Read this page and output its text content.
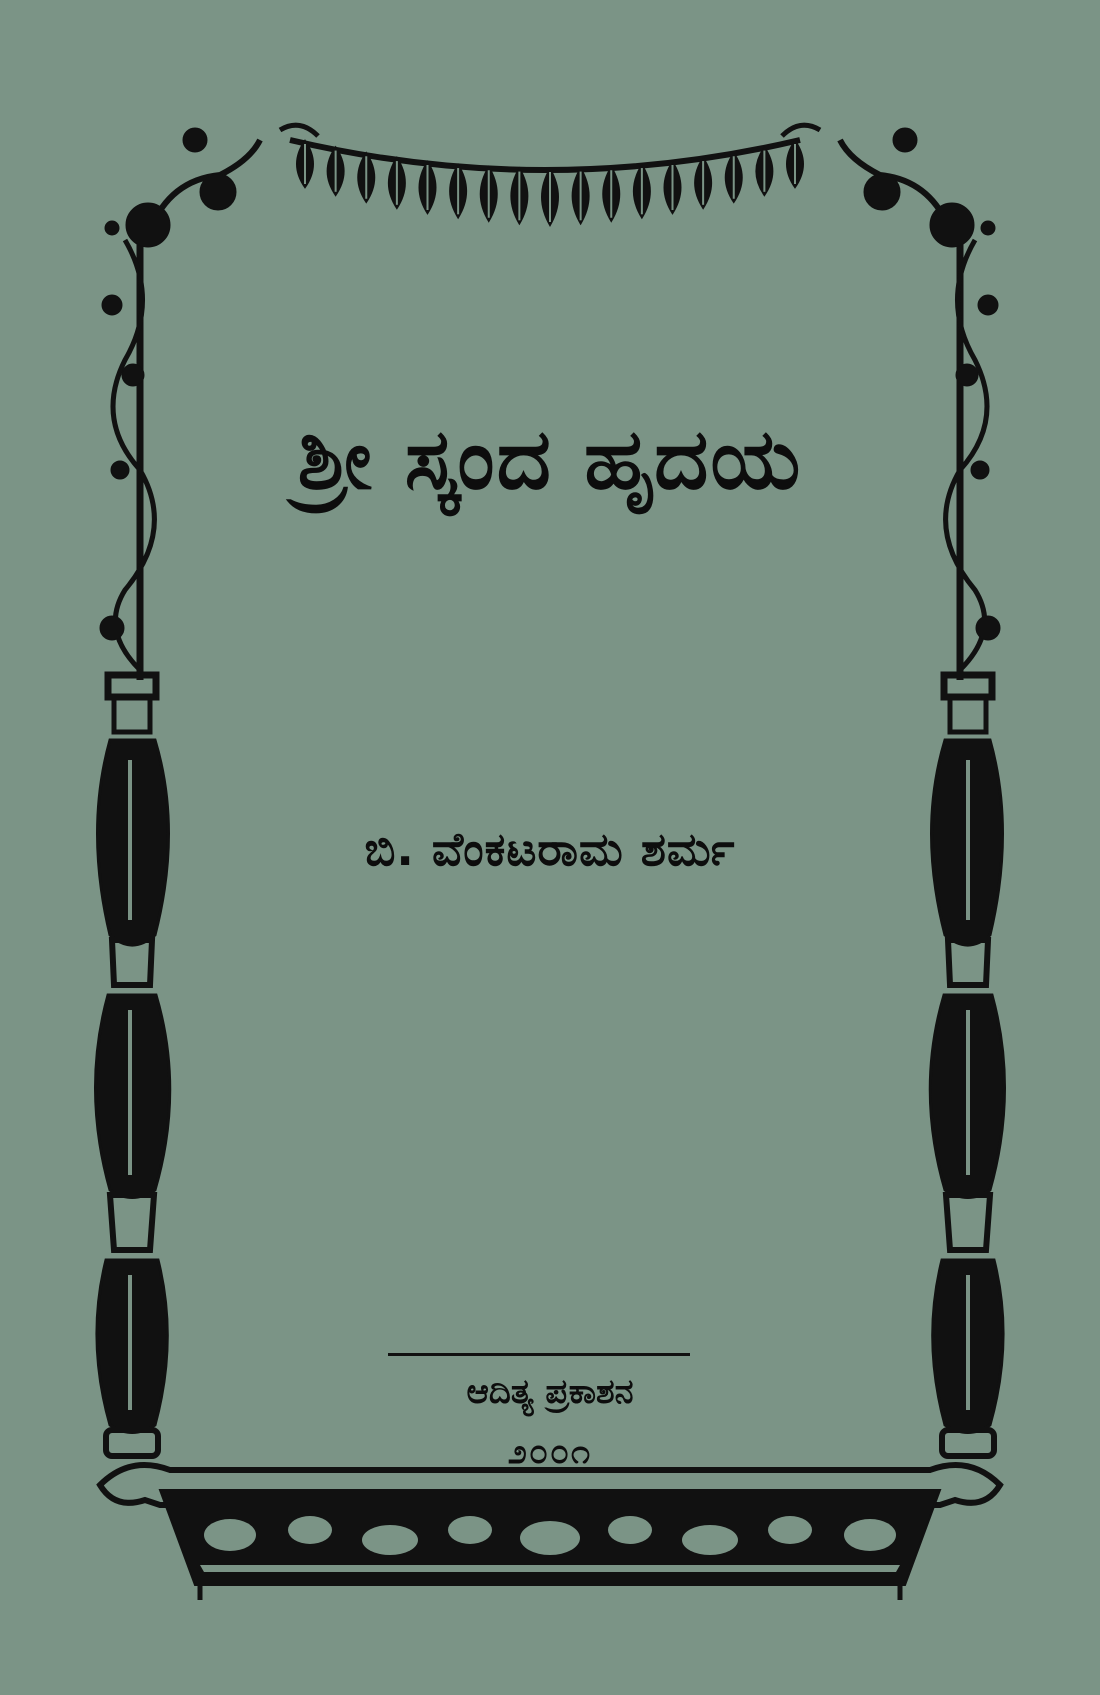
ಶ್ರೀ ಸ್ಕಂದ ಹೃದಯ
ಬಿ. ವೆಂಕಟರಾಮ ಶರ್ಮ
ಆದಿತ್ಯ ಪ್ರಕಾಶನ
೨೦೦೧
